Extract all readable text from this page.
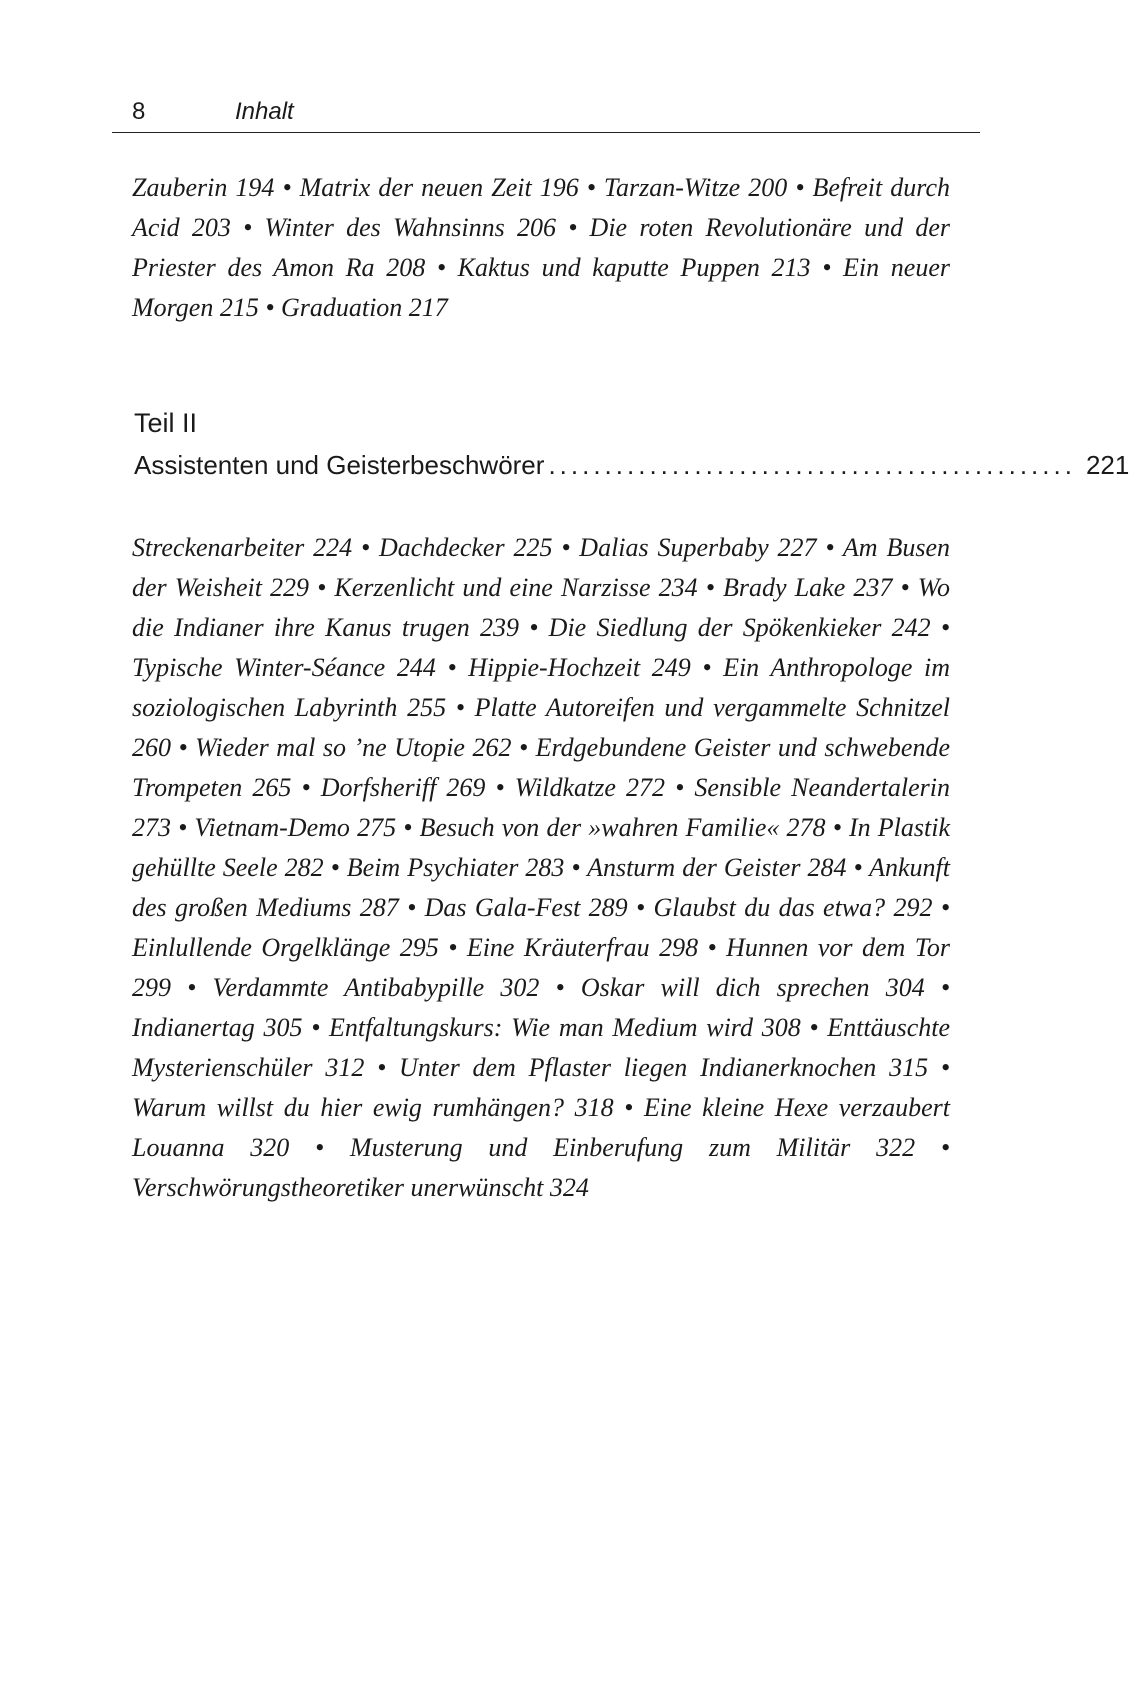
8	Inhalt
Zauberin 194 • Matrix der neuen Zeit 196 • Tarzan-Witze 200 • Befreit durch Acid 203 • Winter des Wahnsinns 206 • Die roten Revolutionäre und der Priester des Amon Ra 208 • Kaktus und kaputte Puppen 213 • Ein neuer Morgen 215 • Graduation 217
Teil II
Assistenten und Geisterbeschwörer ............................................... 221
Streckenarbeiter 224 • Dachdecker 225 • Dalias Superbaby 227 • Am Busen der Weisheit 229 • Kerzenlicht und eine Narzisse 234 • Brady Lake 237 • Wo die Indianer ihre Kanus trugen 239 • Die Siedlung der Spökenkieker 242 • Typische Winter-Séance 244 • Hippie-Hochzeit 249 • Ein Anthropologe im soziologischen Labyrinth 255 • Platte Autoreifen und vergammelte Schnitzel 260 • Wieder mal so ’ne Utopie 262 • Erdgebundene Geister und schwebende Trompeten 265 • Dorfsheriff 269 • Wildkatze 272 • Sensible Neandertalerin 273 • Vietnam-Demo 275 • Besuch von der »wahren Familie« 278 • In Plastik gehüllte Seele 282 • Beim Psychiater 283 • Ansturm der Geister 284 • Ankunft des großen Mediums 287 • Das Gala-Fest 289 • Glaubst du das etwa? 292 • Einlullende Orgelklänge 295 • Eine Kräuterfrau 298 • Hunnen vor dem Tor 299 • Verdammte Antibabypille 302 • Oskar will dich sprechen 304 • Indianertag 305 • Entfaltungskurs: Wie man Medium wird 308 • Enttäuschte Mysterienschüler 312 • Unter dem Pflaster liegen Indianerknochen 315 • Warum willst du hier ewig rumhängen? 318 • Eine kleine Hexe verzaubert Louanna 320 • Musterung und Einberufung zum Militär 322 • Verschwörungstheoretiker unerwünscht 324
